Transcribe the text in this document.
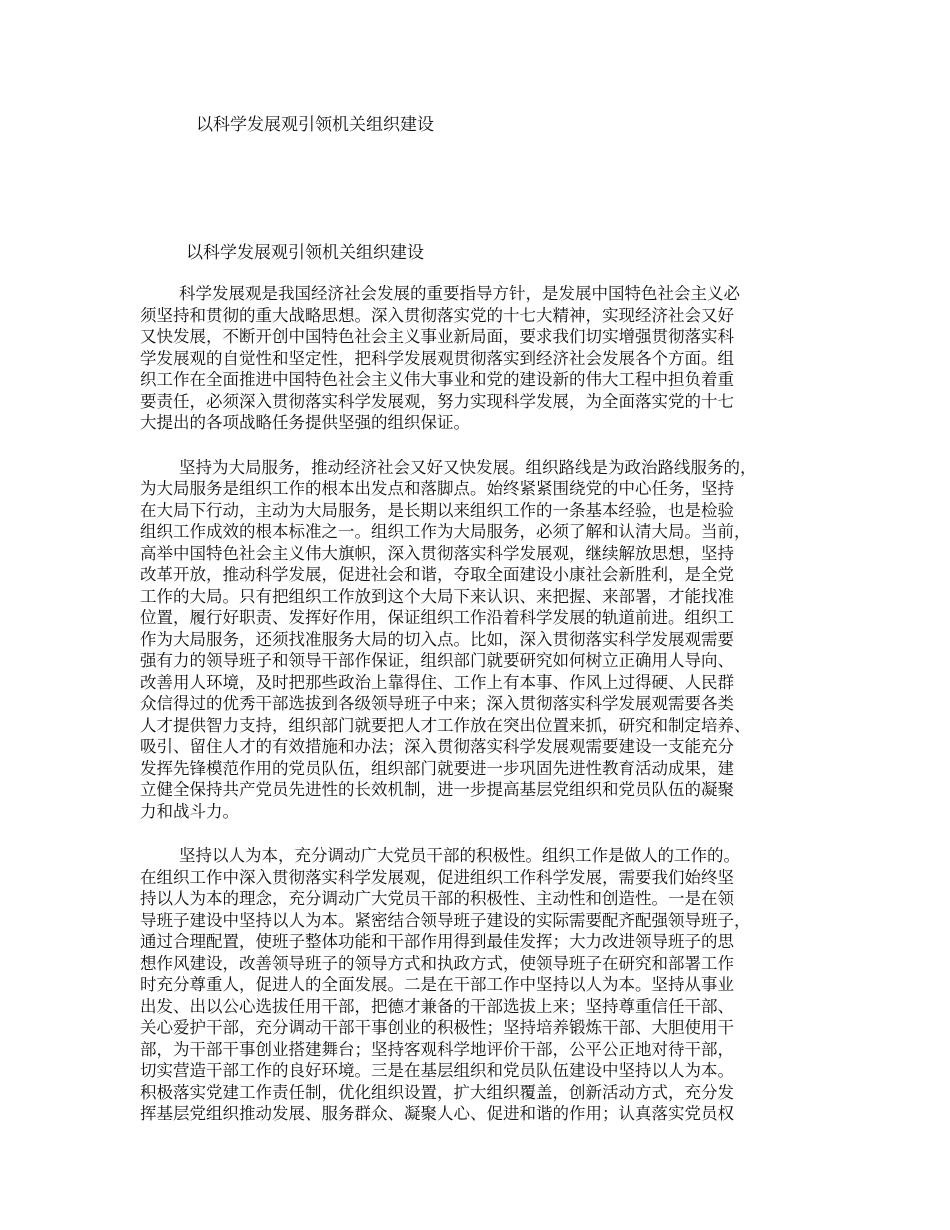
以科学发展观引领机关组织建设
以科学发展观引领机关组织建设
科学发展观是我国经济社会发展的重要指导方针，是发展中国特色社会主义必
须坚持和贯彻的重大战略思想。深入贯彻落实党的十七大精神，实现经济社会又好
又快发展，不断开创中国特色社会主义事业新局面，要求我们切实增强贯彻落实科
学发展观的自觉性和坚定性，把科学发展观贯彻落实到经济社会发展各个方面。组
织工作在全面推进中国特色社会主义伟大事业和党的建设新的伟大工程中担负着重
要责任，必须深入贯彻落实科学发展观，努力实现科学发展，为全面落实党的十七
大提出的各项战略任务提供坚强的组织保证。
坚持为大局服务，推动经济社会又好又快发展。组织路线是为政治路线服务的，
为大局服务是组织工作的根本出发点和落脚点。始终紧紧围绕党的中心任务，坚持
在大局下行动，主动为大局服务，是长期以来组织工作的一条基本经验，也是检验
组织工作成效的根本标准之一。组织工作为大局服务，必须了解和认清大局。当前，
高举中国特色社会主义伟大旗帜，深入贯彻落实科学发展观，继续解放思想，坚持
改革开放，推动科学发展，促进社会和谐，夺取全面建设小康社会新胜利，是全党
工作的大局。只有把组织工作放到这个大局下来认识、来把握、来部署，才能找准
位置，履行好职责、发挥好作用，保证组织工作沿着科学发展的轨道前进。组织工
作为大局服务，还须找准服务大局的切入点。比如，深入贯彻落实科学发展观需要
强有力的领导班子和领导干部作保证，组织部门就要研究如何树立正确用人导向、
改善用人环境，及时把那些政治上靠得住、工作上有本事、作风上过得硬、人民群
众信得过的优秀干部选拔到各级领导班子中来；深入贯彻落实科学发展观需要各类
人才提供智力支持，组织部门就要把人才工作放在突出位置来抓，研究和制定培养、
吸引、留住人才的有效措施和办法；深入贯彻落实科学发展观需要建设一支能充分
发挥先锋模范作用的党员队伍，组织部门就要进一步巩固先进性教育活动成果，建
立健全保持共产党员先进性的长效机制，进一步提高基层党组织和党员队伍的凝聚
力和战斗力。
坚持以人为本，充分调动广大党员干部的积极性。组织工作是做人的工作的。
在组织工作中深入贯彻落实科学发展观，促进组织工作科学发展，需要我们始终坚
持以人为本的理念，充分调动广大党员干部的积极性、主动性和创造性。一是在领
导班子建设中坚持以人为本。紧密结合领导班子建设的实际需要配齐配强领导班子，
通过合理配置，使班子整体功能和干部作用得到最佳发挥；大力改进领导班子的思
想作风建设，改善领导班子的领导方式和执政方式，使领导班子在研究和部署工作
时充分尊重人，促进人的全面发展。二是在干部工作中坚持以人为本。坚持从事业
出发、出以公心选拔任用干部，把德才兼备的干部选拔上来；坚持尊重信任干部、
关心爱护干部，充分调动干部干事创业的积极性；坚持培养锻炼干部、大胆使用干
部，为干部干事创业搭建舞台；坚持客观科学地评价干部，公平公正地对待干部，
切实营造干部工作的良好环境。三是在基层组织和党员队伍建设中坚持以人为本。
积极落实党建工作责任制，优化组织设置，扩大组织覆盖，创新活动方式，充分发
挥基层党组织推动发展、服务群众、凝聚人心、促进和谐的作用；认真落实党员权
